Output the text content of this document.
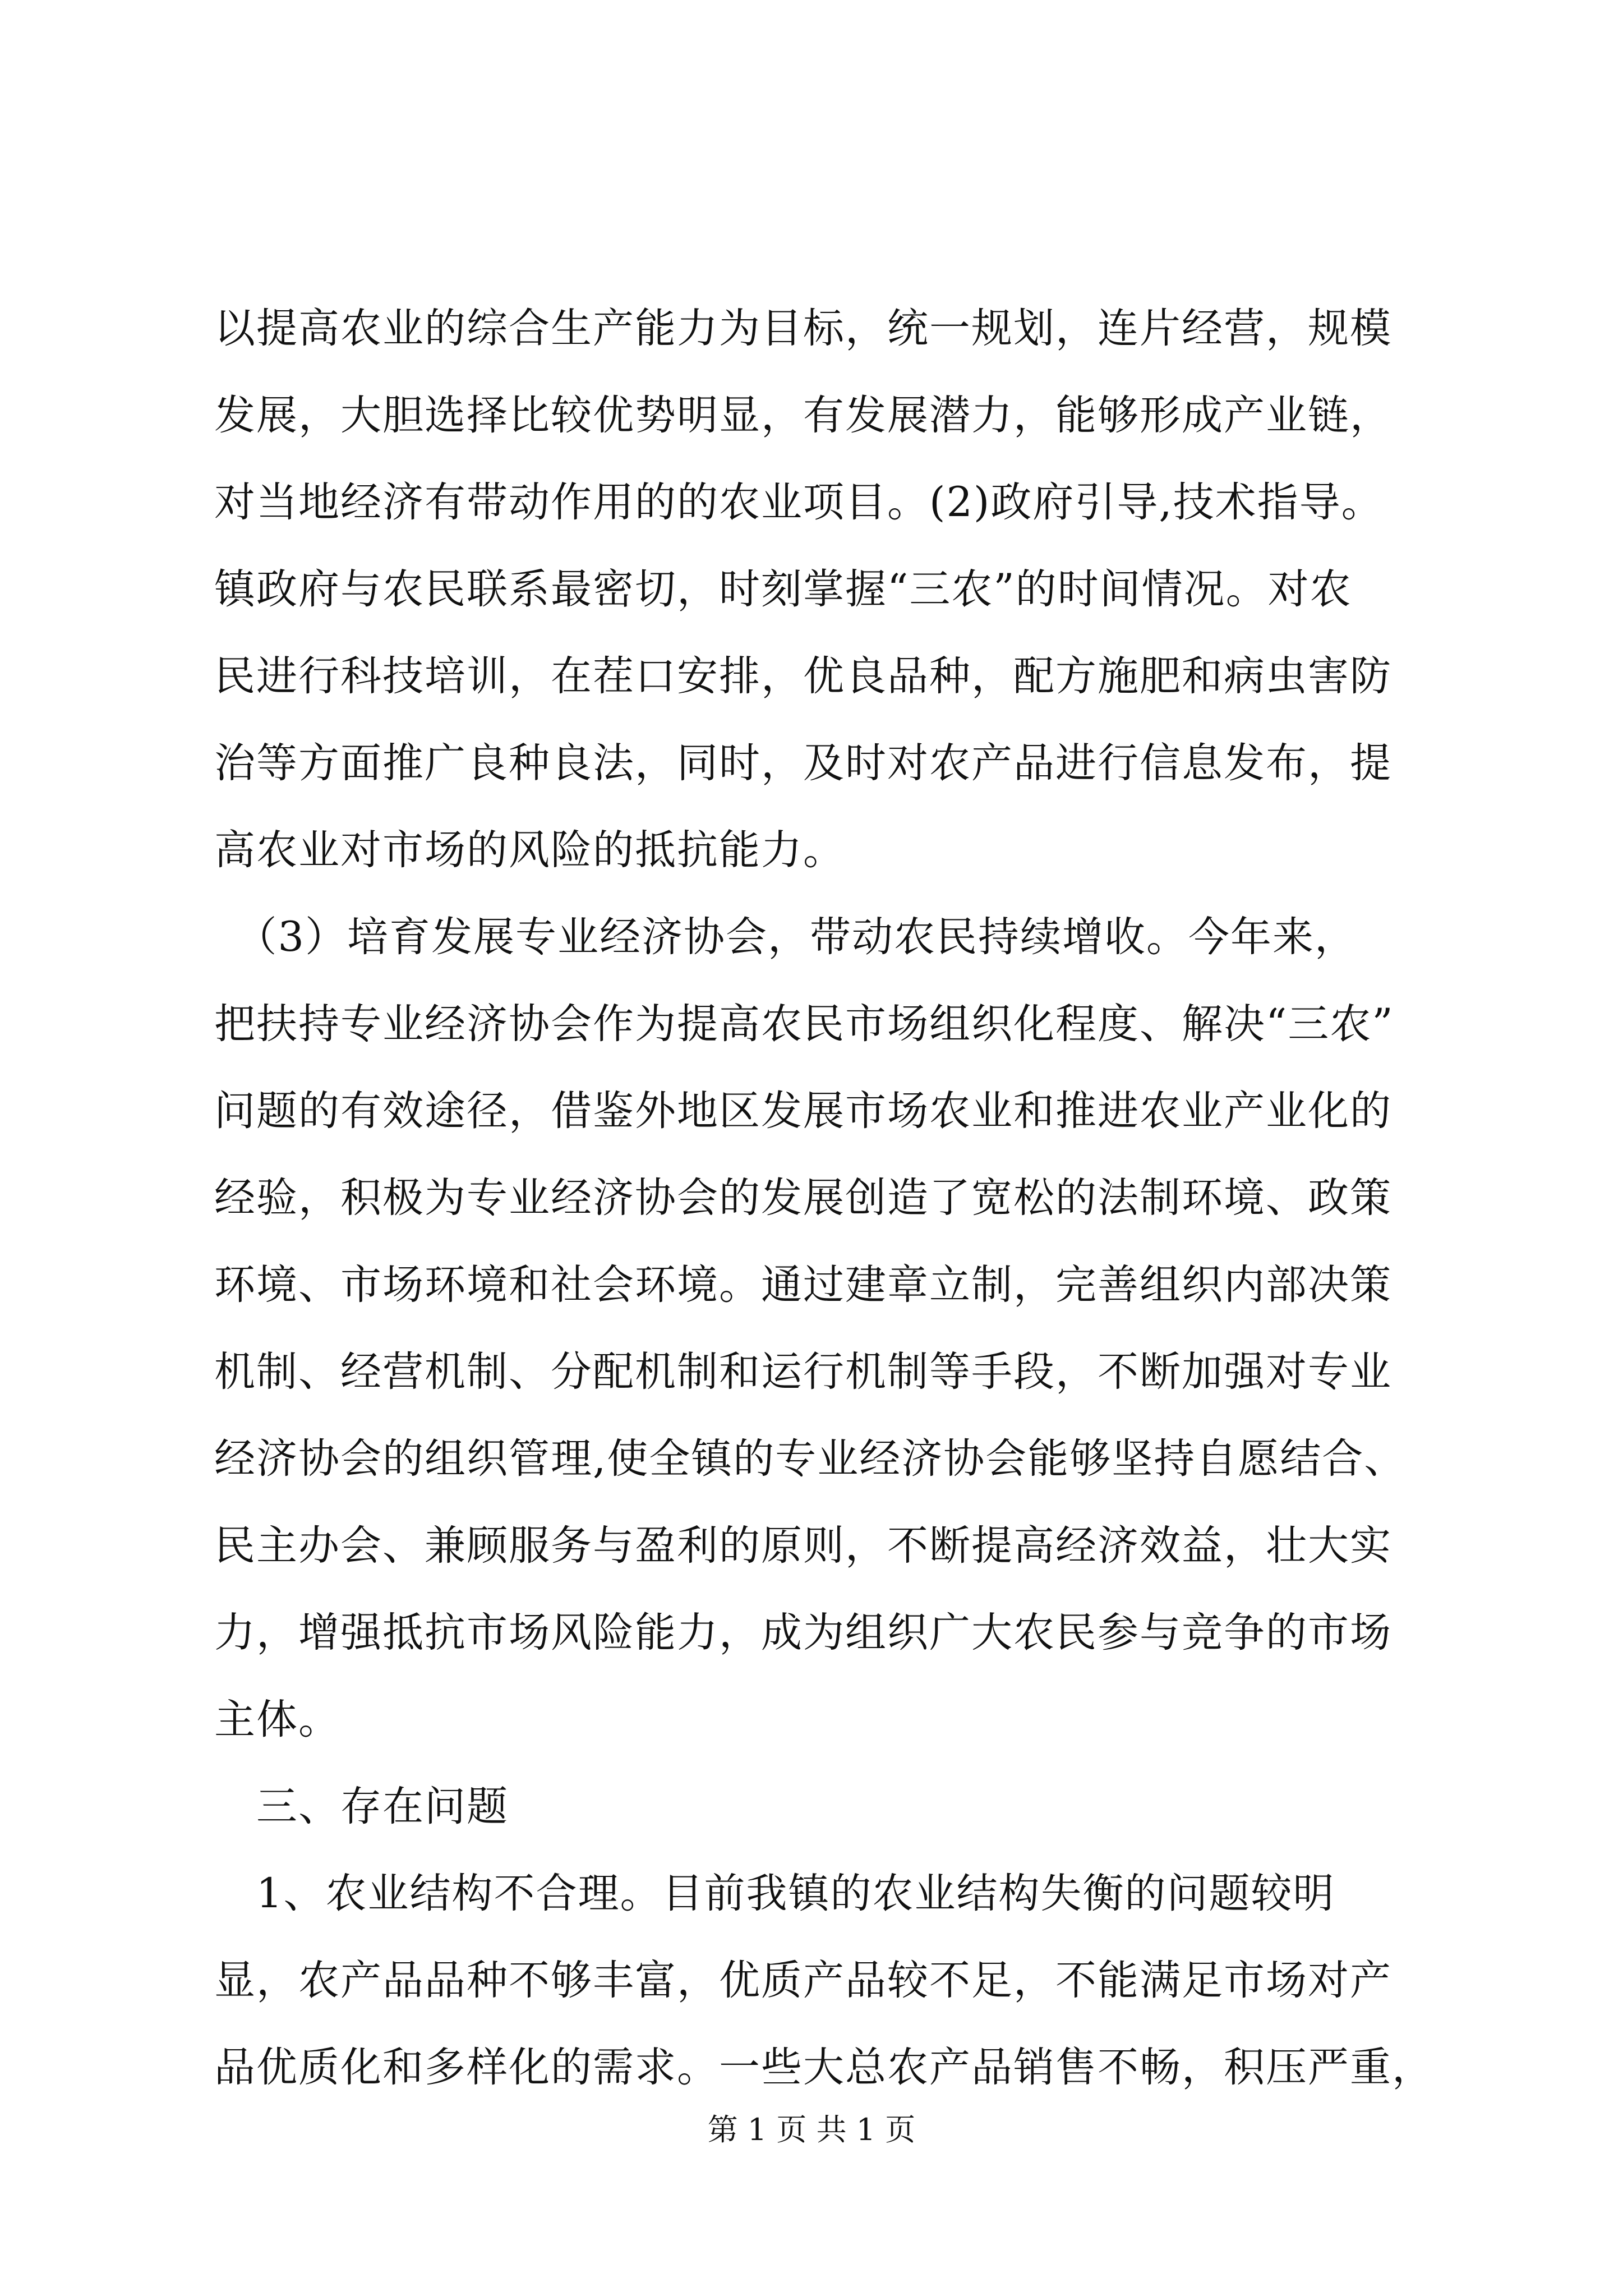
以提高农业的综合生产能力为目标，统一规划，连片经营，规模
发展，大胆选择比较优势明显，有发展潜力，能够形成产业链，
对当地经济有带动作用的的农业项目。(2)政府引导,技术指导。
镇政府与农民联系最密切，时刻掌握“三农”的时间情况。对农
民进行科技培训，在茬口安排，优良品种，配方施肥和病虫害防
治等方面推广良种良法，同时，及时对农产品进行信息发布，提
高农业对市场的风险的抵抗能力。
　（3）培育发展专业经济协会，带动农民持续增收。今年来，
把扶持专业经济协会作为提高农民市场组织化程度、解决“三农”
问题的有效途径，借鉴外地区发展市场农业和推进农业产业化的
经验，积极为专业经济协会的发展创造了宽松的法制环境、政策
环境、市场环境和社会环境。通过建章立制，完善组织内部决策
机制、经营机制、分配机制和运行机制等手段，不断加强对专业
经济协会的组织管理,使全镇的专业经济协会能够坚持自愿结合、
民主办会、兼顾服务与盈利的原则，不断提高经济效益，壮大实
力，增强抵抗市场风险能力，成为组织广大农民参与竞争的市场
主体。
　三、存在问题
　1、农业结构不合理。目前我镇的农业结构失衡的问题较明
显，农产品品种不够丰富，优质产品较不足，不能满足市场对产
品优质化和多样化的需求。一些大总农产品销售不畅，积压严重，
第 1 页 共 1 页
